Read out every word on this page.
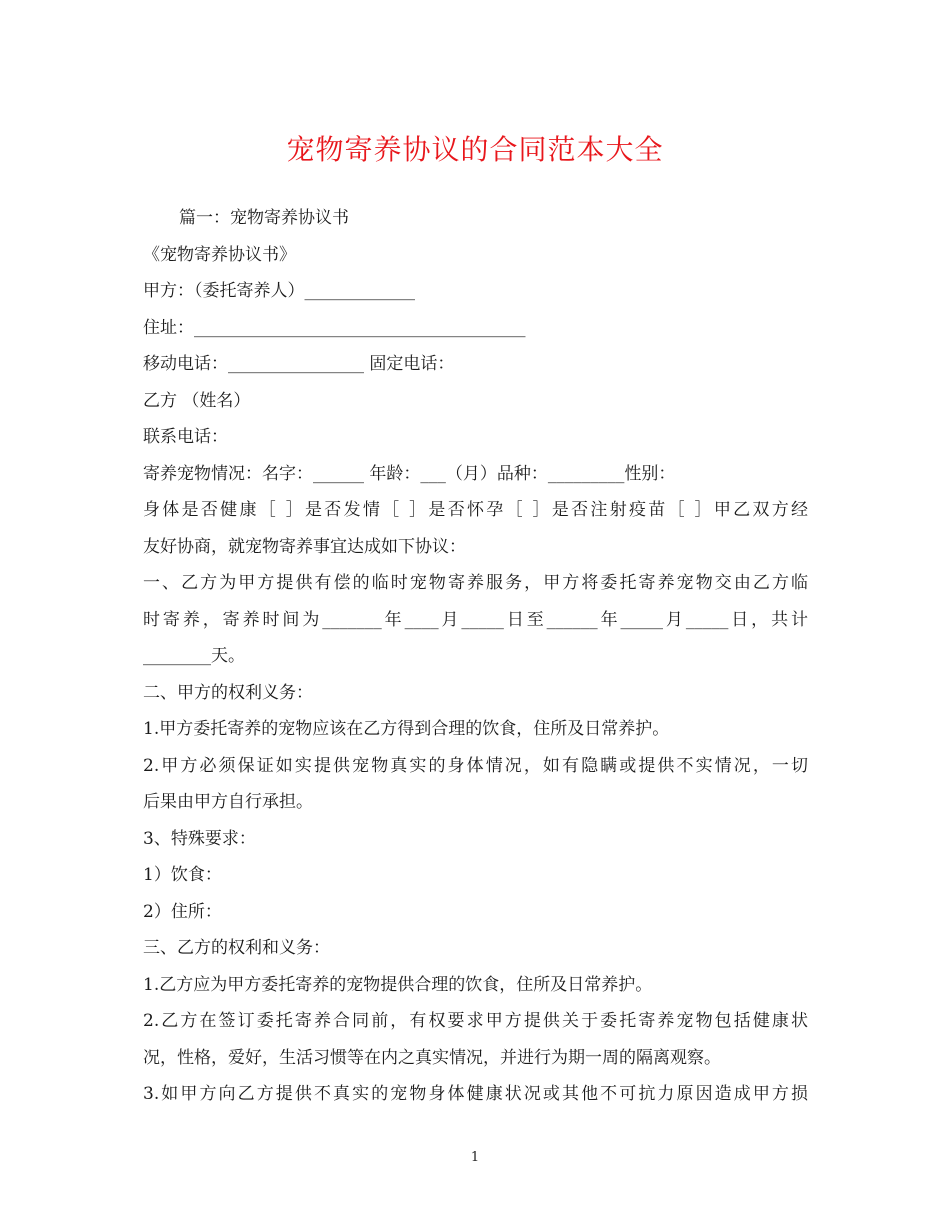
宠物寄养协议的合同范本大全
篇一：宠物寄养协议书
《宠物寄养协议书》
甲方：（委托寄养人）_____________
住址：_______________________________________
移动电话：________________ 固定电话：
乙方 （姓名）
联系电话：
寄养宠物情况：名字：______ 年龄：___（月）品种：_________性别：
身体是否健康［ ］是否发情［ ］是否怀孕［ ］是否注射疫苗［ ］甲乙双方经
友好协商，就宠物寄养事宜达成如下协议：
一、乙方为甲方提供有偿的临时宠物寄养服务，甲方将委托寄养宠物交由乙方临
时寄养，寄养时间为_______年____月_____日至______年_____月_____日，共计
________天。
二、甲方的权利义务：
1.甲方委托寄养的宠物应该在乙方得到合理的饮食，住所及日常养护。
2.甲方必须保证如实提供宠物真实的身体情况，如有隐瞒或提供不实情况，一切
后果由甲方自行承担。
3、特殊要求：
1）饮食：
2）住所：
三、乙方的权利和义务：
1.乙方应为甲方委托寄养的宠物提供合理的饮食，住所及日常养护。
2.乙方在签订委托寄养合同前，有权要求甲方提供关于委托寄养宠物包括健康状
况，性格，爱好，生活习惯等在内之真实情况，并进行为期一周的隔离观察。
3.如甲方向乙方提供不真实的宠物身体健康状况或其他不可抗力原因造成甲方损
1
